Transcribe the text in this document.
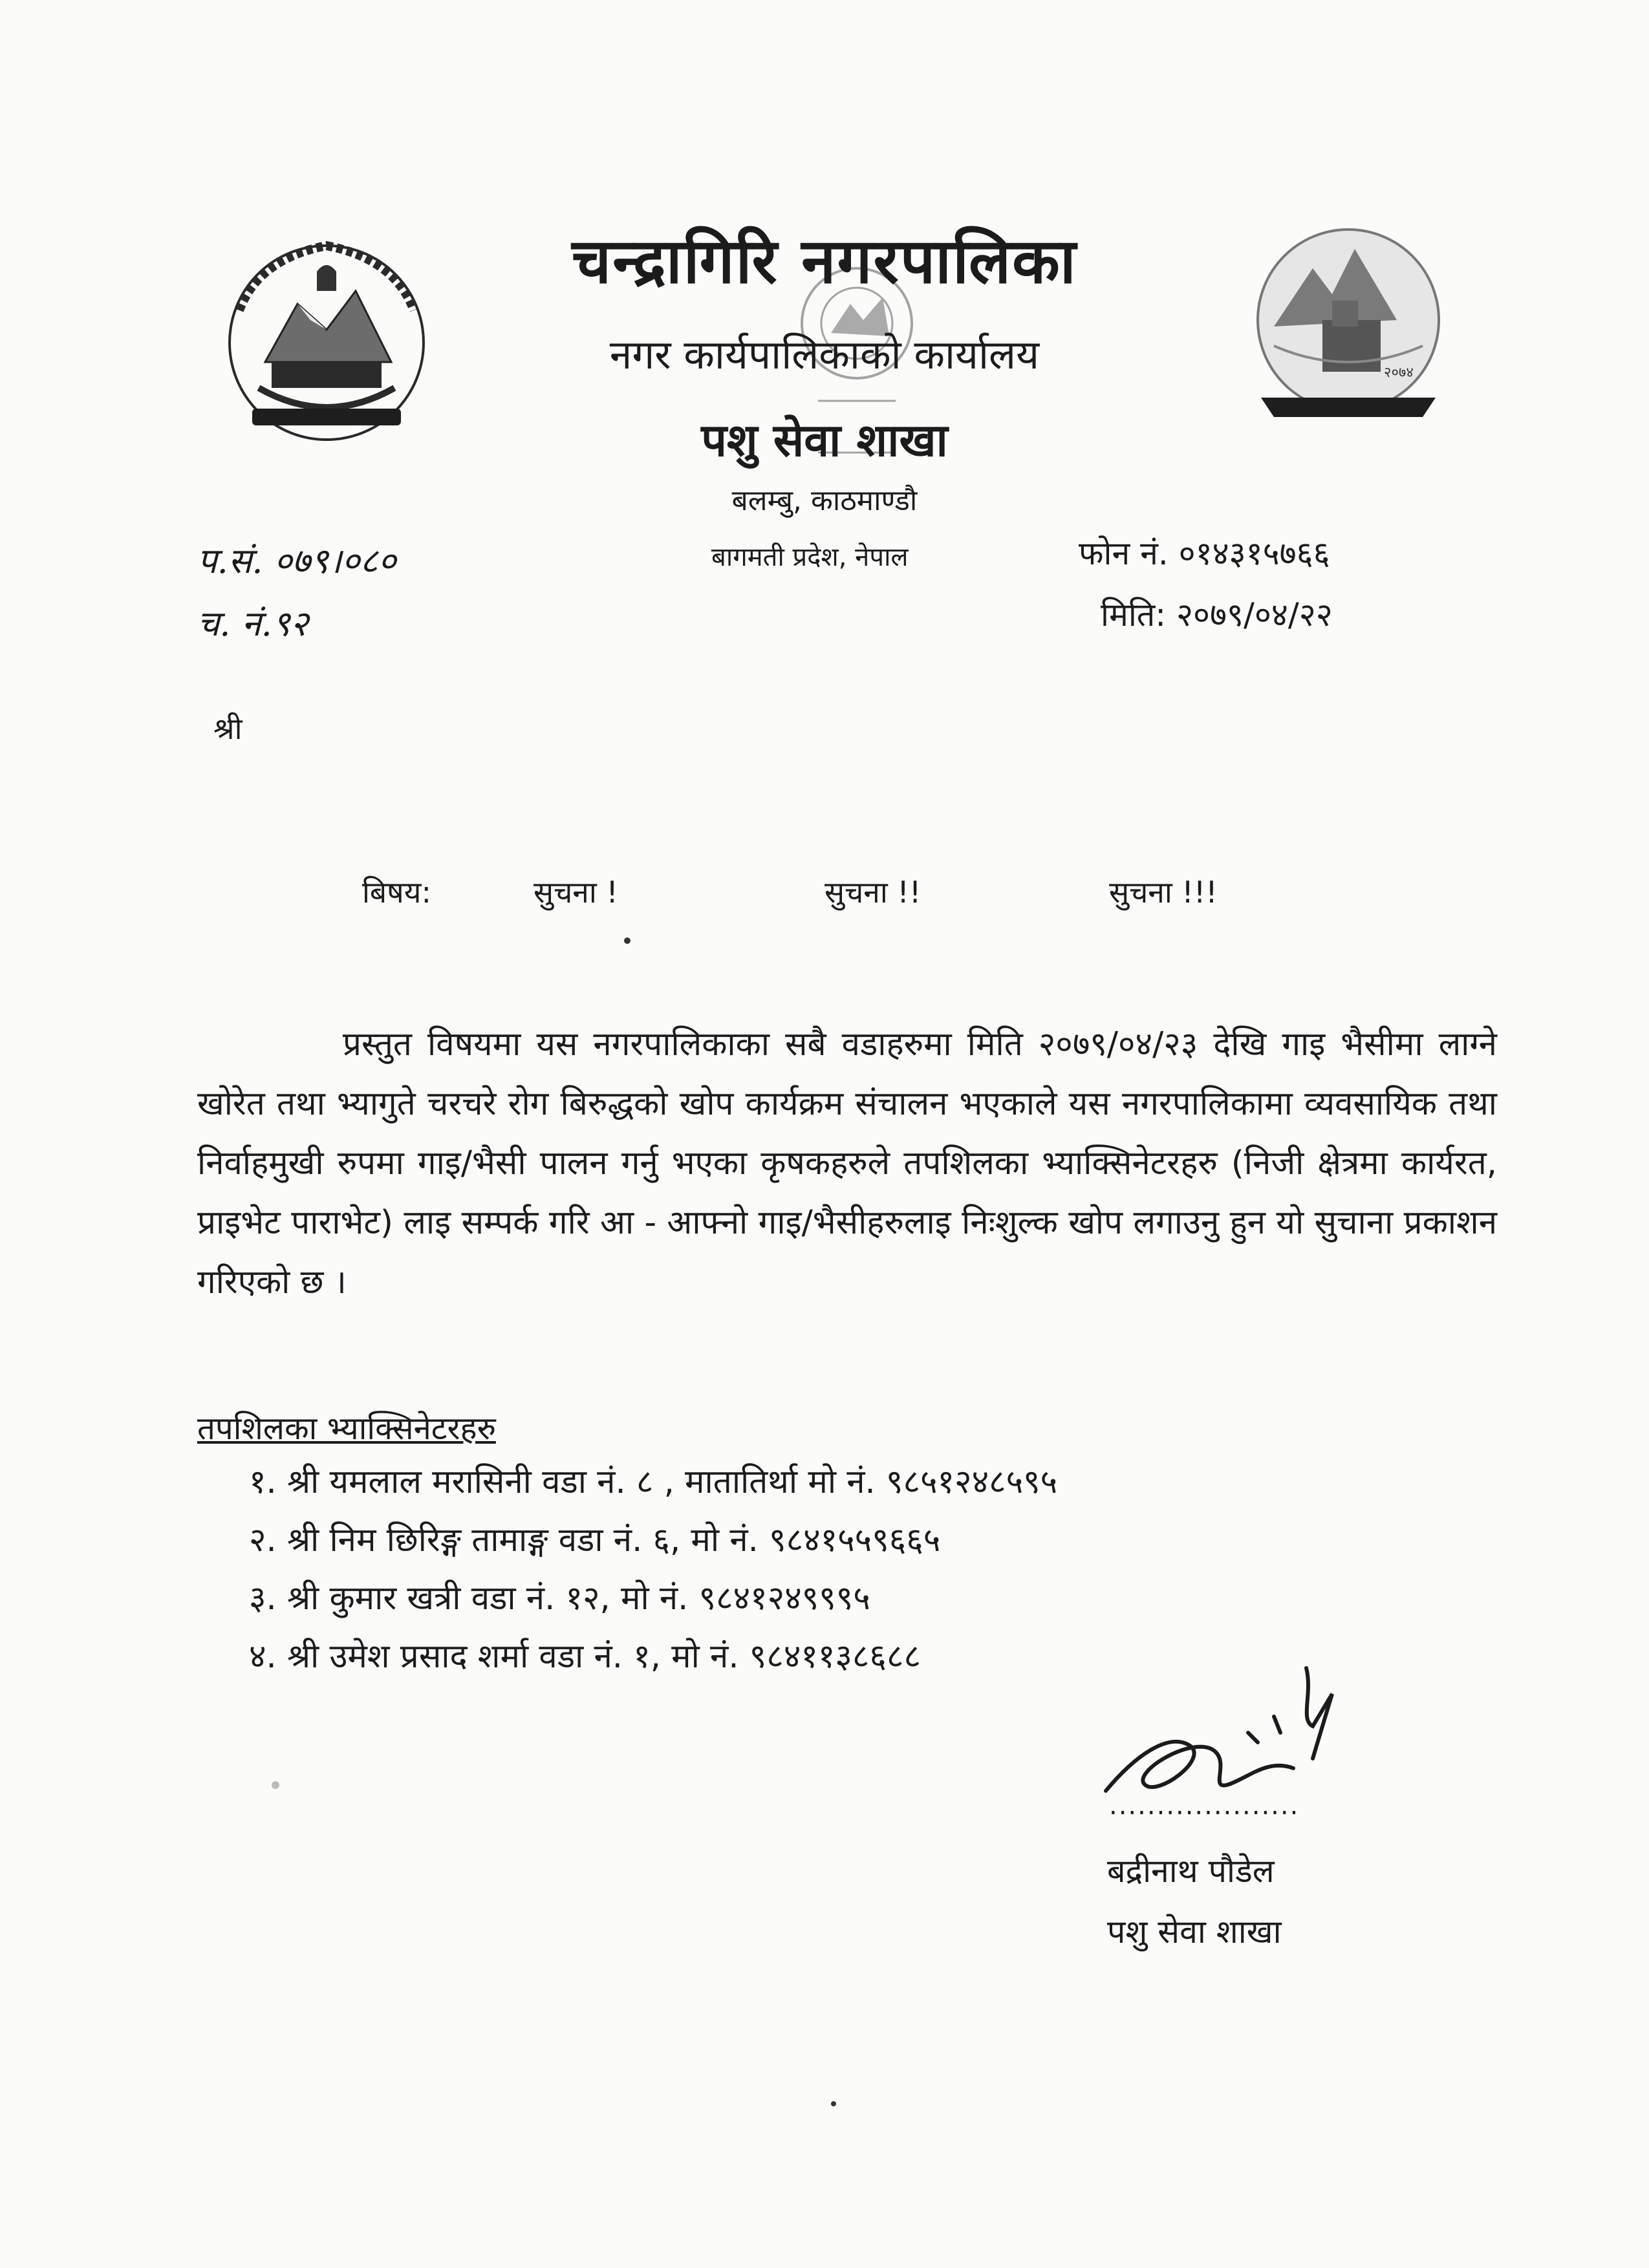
२०७४
चन्द्रागिरि नगरपालिका
नगर कार्यपालिकाको कार्यालय
पशु सेवा शाखा
बलम्बु, काठमाण्डौ
प.सं. ०७९।०८०	बागमती प्रदेश, नेपाल	फोन नं. ०१४३१५७६६
च. नं.९२	मिति: २०७९/०४/२२
श्री
बिषय:	सुचना !	सुचना !!	सुचना !!!
प्रस्तुत विषयमा यस नगरपालिकाका सबै वडाहरुमा मिति २०७९/०४/२३ देखि गाइ भैसीमा लाग्ने खोरेत तथा भ्यागुते चरचरे रोग बिरुद्धको खोप कार्यक्रम संचालन भएकाले यस नगरपालिकामा व्यवसायिक तथा निर्वाहमुखी रुपमा गाइ/भैसी पालन गर्नु भएका कृषकहरुले तपशिलका भ्याक्सिनेटरहरु (निजी क्षेत्रमा कार्यरत, प्राइभेट पाराभेट) लाइ सम्पर्क गरि आ - आफ्नो गाइ/भैसीहरुलाइ निःशुल्क खोप लगाउनु हुन यो सुचाना प्रकाशन गरिएको छ ।
तपशिलका भ्याक्सिनेटरहरु
१. श्री यमलाल मरासिनी वडा नं. ८ , मातातिर्था मो नं. ९८५१२४८५९५
२. श्री निम छिरिङ्ग तामाङ्ग वडा नं. ६, मो नं. ९८४१५५९६६५
३. श्री कुमार खत्री वडा नं. १२, मो नं. ९८४१२४९९९५
४. श्री उमेश प्रसाद शर्मा वडा नं. १, मो नं. ९८४११३८६८८
....................
बद्रीनाथ पौडेल
पशु सेवा शाखा
